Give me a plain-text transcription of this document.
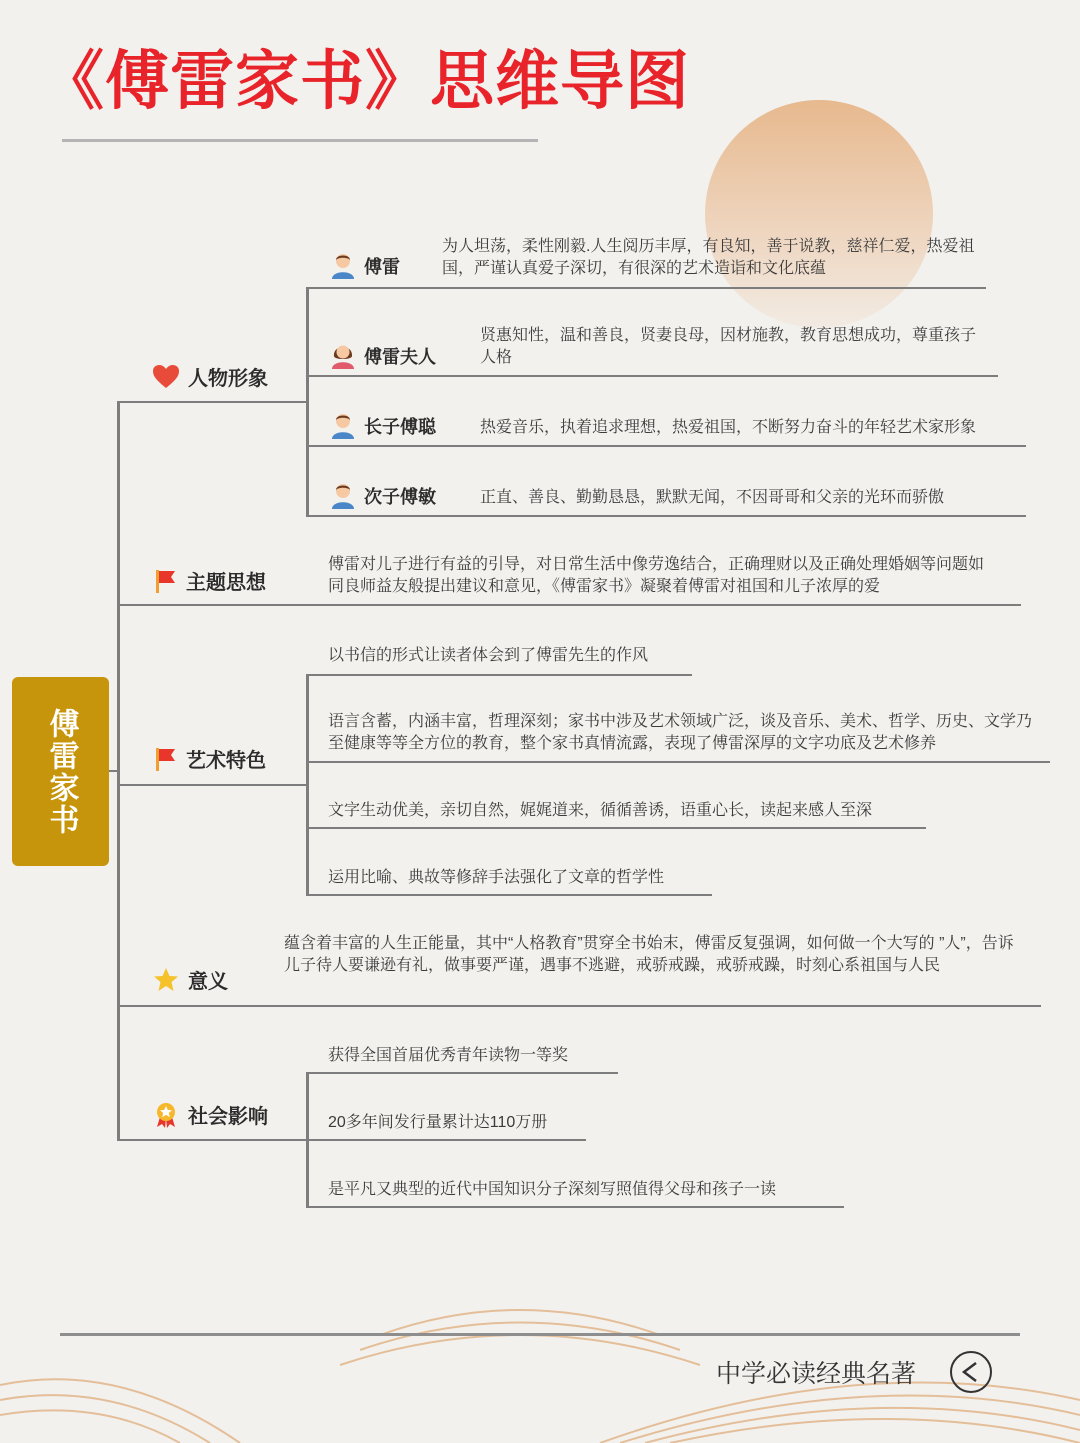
《傅雷家书》思维导图
傅雷家书
人物形象
傅雷
为人坦荡，柔性刚毅.人生阅历丰厚，有良知，善于说教，慈祥仁爱，热爱祖国，严谨认真爱子深切，有很深的艺术造诣和文化底蕴
傅雷夫人
贤惠知性，温和善良，贤妻良母，因材施教，教育思想成功，尊重孩子人格
长子傅聪	热爱音乐，执着追求理想，热爱祖国，不断努力奋斗的年轻艺术家形象
次子傅敏	正直、善良、勤勤恳恳，默默无闻，不因哥哥和父亲的光环而骄傲
主题思想
傅雷对儿子进行有益的引导，对日常生活中像劳逸结合，正确理财以及正确处理婚姻等问题如同良师益友般提出建议和意见，《傅雷家书》凝聚着傅雷对祖国和儿子浓厚的爱
艺术特色
以书信的形式让读者体会到了傅雷先生的作风
语言含蓄，内涵丰富，哲理深刻；家书中涉及艺术领域广泛，谈及音乐、美术、哲学、历史、文学乃至健康等等全方位的教育，整个家书真情流露，表现了傅雷深厚的文字功底及艺术修养
文字生动优美，亲切自然，娓娓道来，循循善诱，语重心长，读起来感人至深
运用比喻、典故等修辞手法强化了文章的哲学性
意义
蕴含着丰富的人生正能量，其中“人格教育”贯穿全书始末，傅雷反复强调，如何做一个大写的 ”人”，告诉儿子待人要谦逊有礼，做事要严谨，遇事不逃避，戒骄戒躁，戒骄戒躁，时刻心系祖国与人民
社会影响
获得全国首届优秀青年读物一等奖
20多年间发行量累计达110万册
是平凡又典型的近代中国知识分子深刻写照值得父母和孩子一读
中学必读经典名著
